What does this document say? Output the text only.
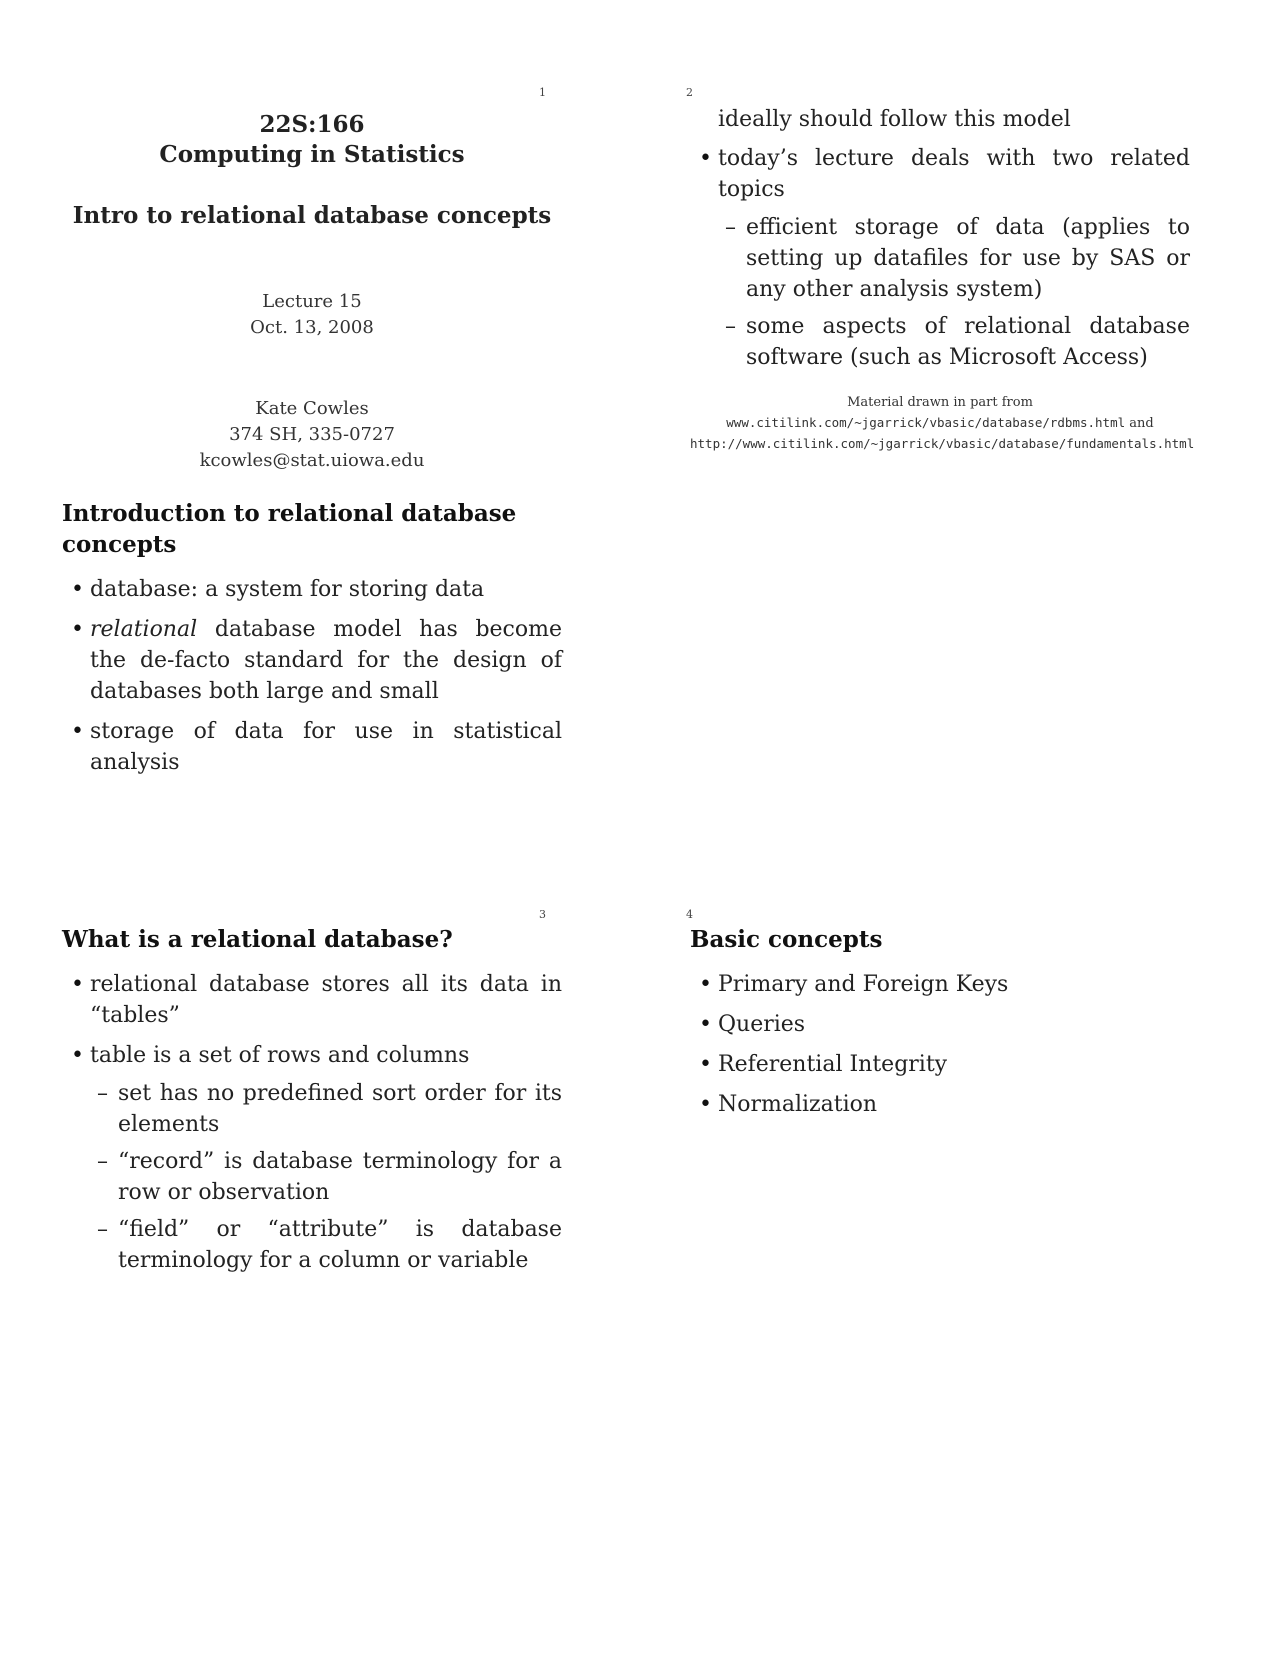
1
22S:166
Computing in Statistics
Intro to relational database concepts
Lecture 15
Oct. 13, 2008
Kate Cowles
374 SH, 335-0727
kcowles@stat.uiowa.edu
Introduction to relational database concepts
• database: a system for storing data
• relational database model has become the de-facto standard for the design of databases both large and small
• storage of data for use in statistical analysis
2
ideally should follow this model
• today’s lecture deals with two related topics
– efficient storage of data (applies to setting up datafiles for use by SAS or any other analysis system)
– some aspects of relational database software (such as Microsoft Access)
Material drawn in part from
www.citilink.com/~jgarrick/vbasic/database/rdbms.html and http://www.citilink.com/~jgarrick/vbasic/database/fundamentals.html
3
What is a relational database?
• relational database stores all its data in “tables”
• table is a set of rows and columns
– set has no predefined sort order for its elements
– “record” is database terminology for a row or observation
– “field” or “attribute” is database terminology for a column or variable
4
Basic concepts
• Primary and Foreign Keys
• Queries
• Referential Integrity
• Normalization
